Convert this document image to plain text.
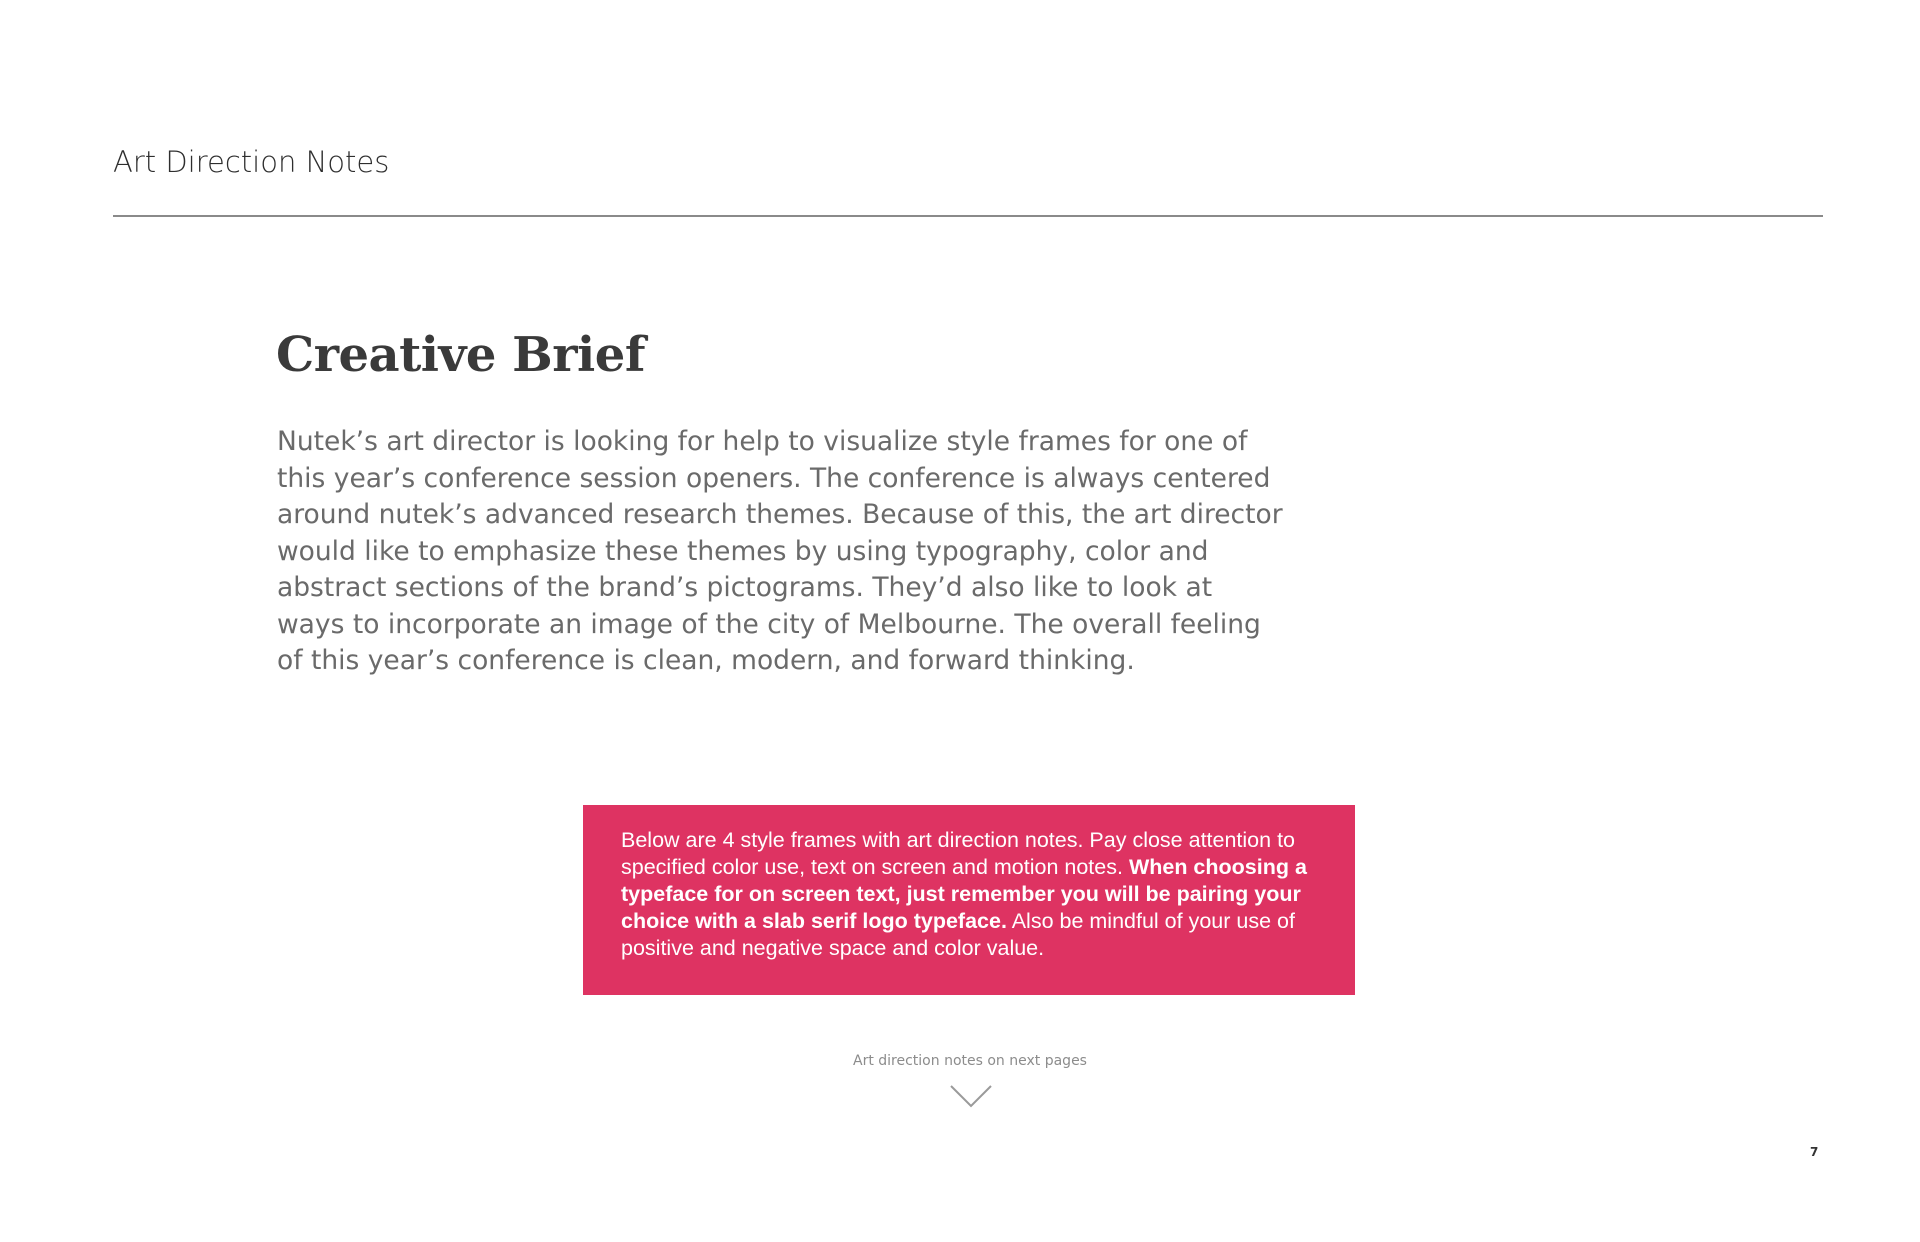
Art Direction Notes
Creative Brief

Nutek’s art director is looking for help to visualize style frames for one of this year’s conference session openers. The conference is always centered around nutek’s advanced research themes. Because of this, the art director would like to emphasize these themes by using typography, color and abstract sections of the brand’s pictograms. They’d also like to look at ways to incorporate an image of the city of Melbourne. The overall feeling of this year’s conference is clean, modern, and forward thinking.

Below are 4 style frames with art direction notes. Pay close attention to specified color use, text on screen and motion notes. When choosing a typeface for on screen text, just remember you will be pairing your choice with a slab serif logo typeface. Also be mindful of your use of positive and negative space and color value.
Art direction notes on next pages
7
